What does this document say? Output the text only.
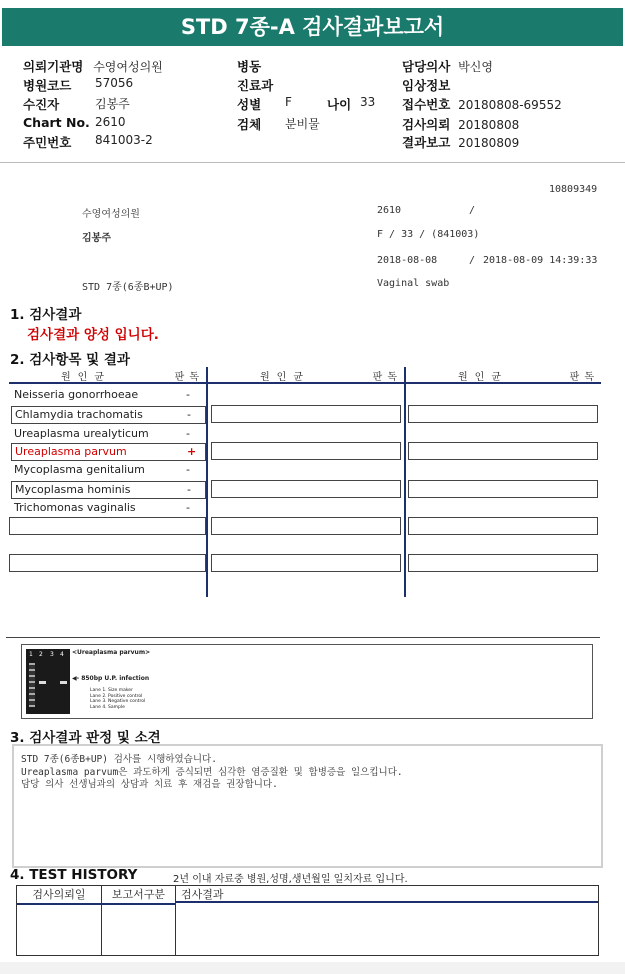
STD 7종-A 검사결과보고서
의뢰기관명 수영여성의원
병원코드 57056
수진자	김봉주
Chart No. 2610
주민번호 841003-2
병동
진료과
성별 F	나이 33
검체 분비물
담당의사 박신영
임상정보
접수번호 20180808-69552
검사의뢰 20180808
결과보고 20180809
10809349
수영여성의원	2610	/
김봉주	F / 33 / (841003)
2018-08-08	/ 2018-08-09 14:39:33
STD 7종(6종B+UP)	Vaginal swab
1. 검사결과
검사결과 양성 입니다.
2. 검사항목 및 결과
원인균	판독
Neisseria gonorrhoeae	-
Chlamydia trachomatis	-
Ureaplasma urealyticum	-
Ureaplasma parvum	+
Mycoplasma genitalium	-
Mycoplasma hominis	-
Trichomonas vaginalis	-
원인균	판독	원인균	판독
1 2 3 4 <Ureaplasma parvum>
◀- 850bp U.P. infection
Lane 1. Size maker
Lane 2. Positive control
Lane 3. Negative control
Lane 4. Sample
3. 검사결과 판정 및 소견
STD 7종(6종B+UP) 검사를 시행하였습니다.
Ureaplasma parvum은 과도하게 증식되면 심각한 염증질환 및 합병증을 일으킵니다.
담당 의사 선생님과의 상담과 치료 후 재검을 권장합니다.
4. TEST HISTORY	2년 이내 자료중 병원,성명,생년월일 일치자료 입니다.
검사의뢰일	보고서구분	검사결과
